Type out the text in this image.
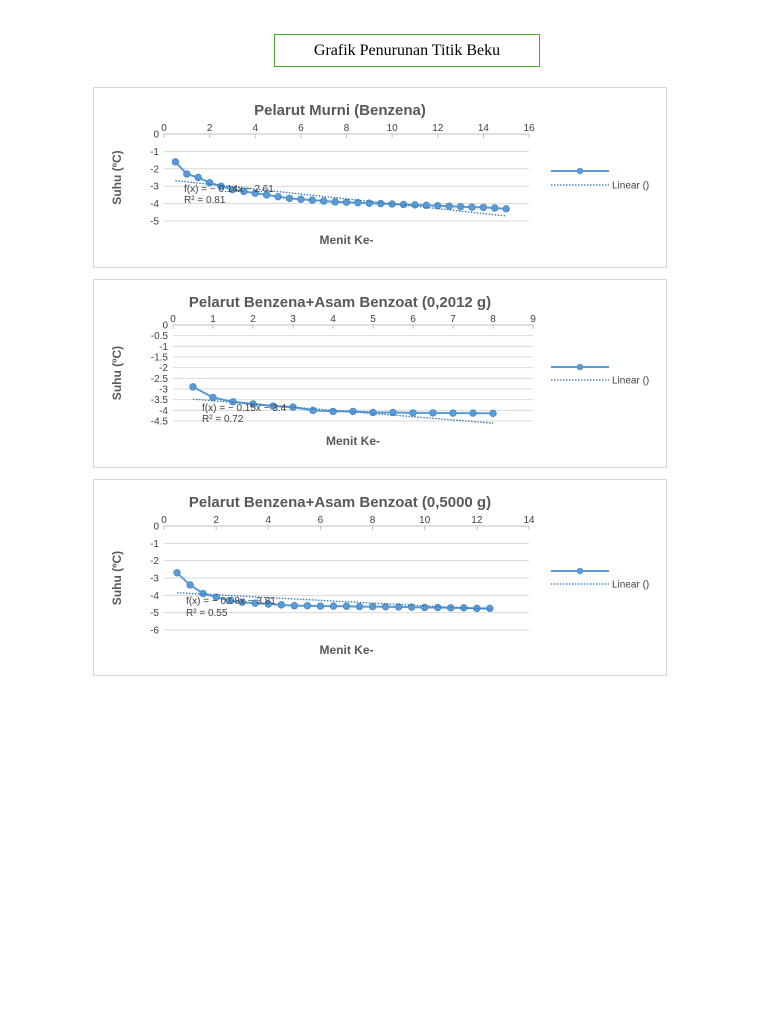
Grafik Penurunan Titik Beku
Pelarut Murni (Benzena)
0
-1
-2
-3
-4
-5
0	2	4	6	8	10	12	14	16
Menit Ke-
Suhu (ºC)	f(x) = − 0.14x − 2.61
R² = 0.81
Linear ()
Pelarut Benzena+Asam Benzoat (0,2012 g)
0
-0.5
-1
-1.5
-2
-2.5
-3
-3.5
-4
-4.5
0	1	2	3	4	5	6	7	8	9
Menit Ke-
Suhu (ºC)
f(x) = − 0.15x − 3.4
R² = 0.72
Linear ()
Pelarut Benzena+Asam Benzoat (0,5000 g)
0
-1
-2
-3
-4
-5
-6
0	2	4	6	8	10	12	14
Menit Ke-
Suhu (ºC)	f(x) = − 0.08x − 3.81
R² = 0.55
Linear ()
